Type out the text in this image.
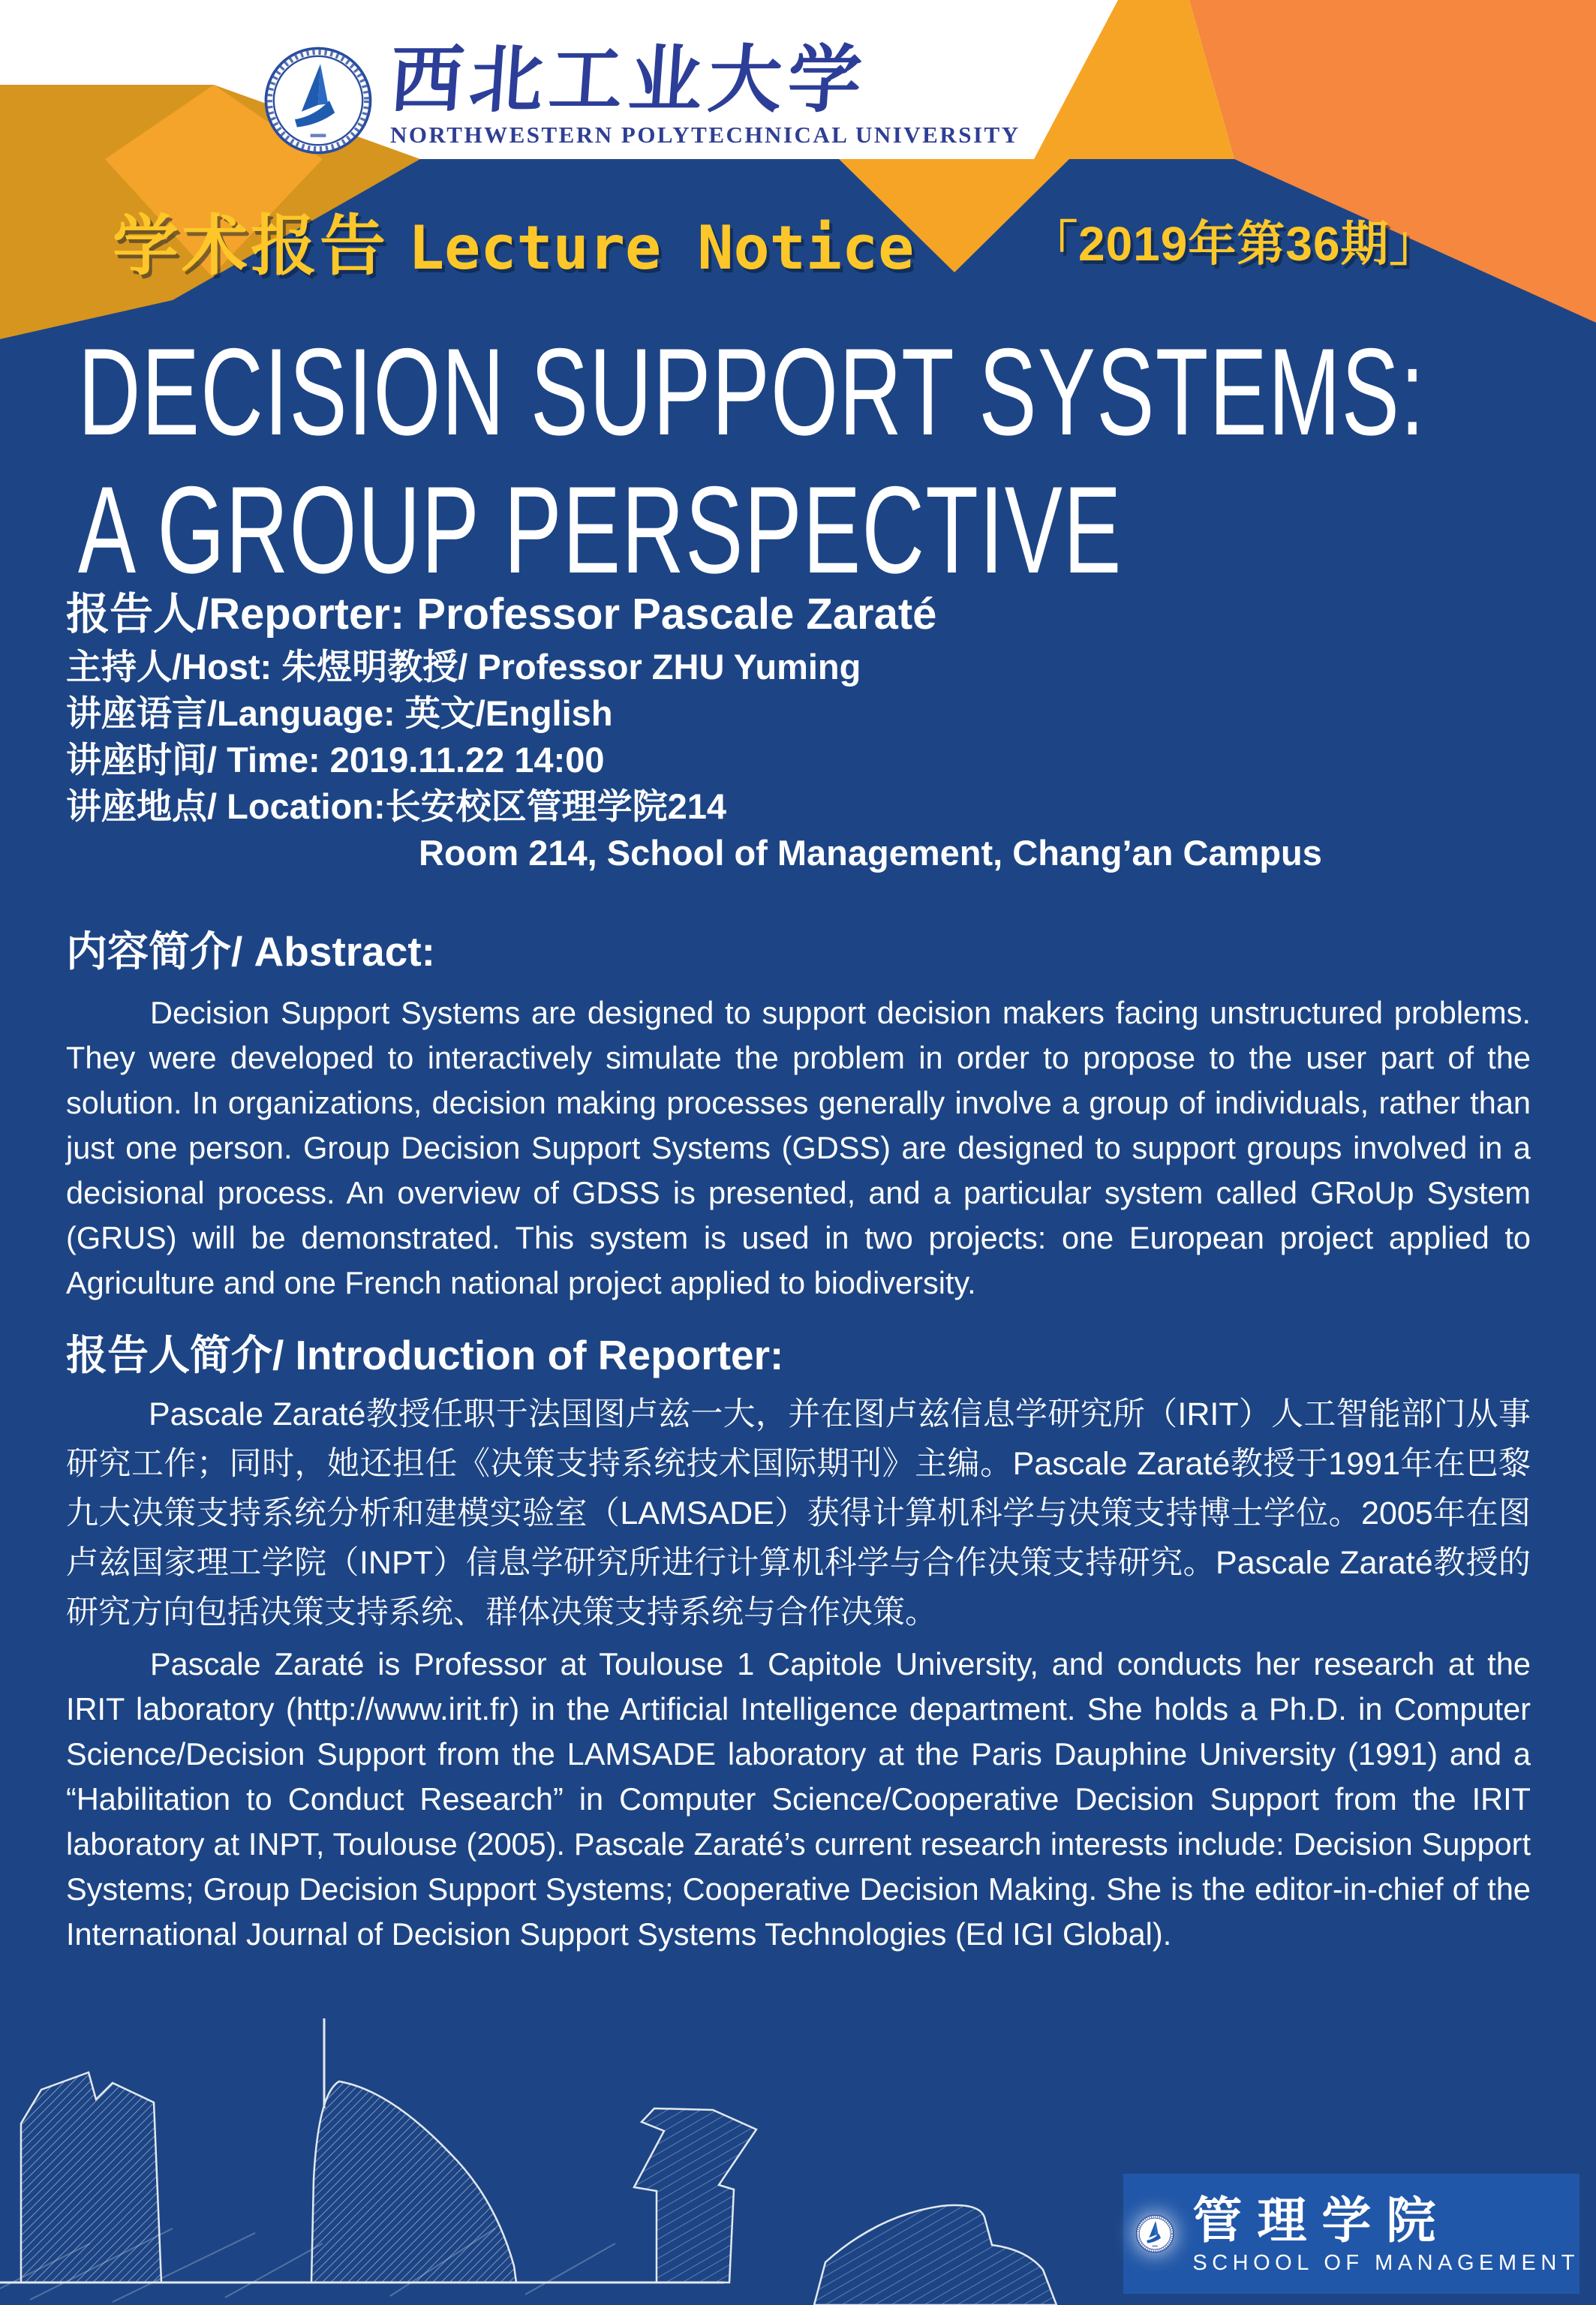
西北工业大学
NORTHWESTERN POLYTECHNICAL UNIVERSITY
学术报告 Lecture Notice 「2019年第36期」
DECISION SUPPORT SYSTEMS:
A GROUP PERSPECTIVE
报告人/Reporter: Professor Pascale Zaraté
主持人/Host: 朱煜明教授/ Professor ZHU Yuming
讲座语言/Language: 英文/English
讲座时间/ Time: 2019.11.22 14:00
讲座地点/ Location:长安校区管理学院214
Room 214, School of Management, Chang’an Campus
内容简介/ Abstract:
Decision Support Systems are designed to support decision makers facing unstructured problems. They were developed to interactively simulate the problem in order to propose to the user part of the solution. In organizations, decision making processes generally involve a group of individuals, rather than just one person. Group Decision Support Systems (GDSS) are designed to support groups involved in a decisional process. An overview of GDSS is presented, and a particular system called GRoUp System (GRUS) will be demonstrated. This system is used in two projects: one European project applied to Agriculture and one French national project applied to biodiversity.
报告人简介/ Introduction of Reporter:
Pascale Zaraté教授任职于法国图卢兹一大，并在图卢兹信息学研究所（IRIT）人工智能部门从事研究工作；同时，她还担任《决策支持系统技术国际期刊》主编。Pascale Zaraté教授于1991年在巴黎九大决策支持系统分析和建模实验室（LAMSADE）获得计算机科学与决策支持博士学位。2005年在图卢兹国家理工学院（INPT）信息学研究所进行计算机科学与合作决策支持研究。Pascale Zaraté教授的研究方向包括决策支持系统、群体决策支持系统与合作决策。
Pascale Zaraté is Professor at Toulouse 1 Capitole University, and conducts her research at the IRIT laboratory (http://www.irit.fr) in the Artificial Intelligence department. She holds a Ph.D. in Computer Science/Decision Support from the LAMSADE laboratory at the Paris Dauphine University (1991) and a “Habilitation to Conduct Research” in Computer Science/Cooperative Decision Support from the IRIT laboratory at INPT, Toulouse (2005). Pascale Zaraté’s current research interests include: Decision Support Systems; Group Decision Support Systems; Cooperative Decision Making. She is the editor-in-chief of the International Journal of Decision Support Systems Technologies (Ed IGI Global).
管理学院
SCHOOL OF MANAGEMENT
